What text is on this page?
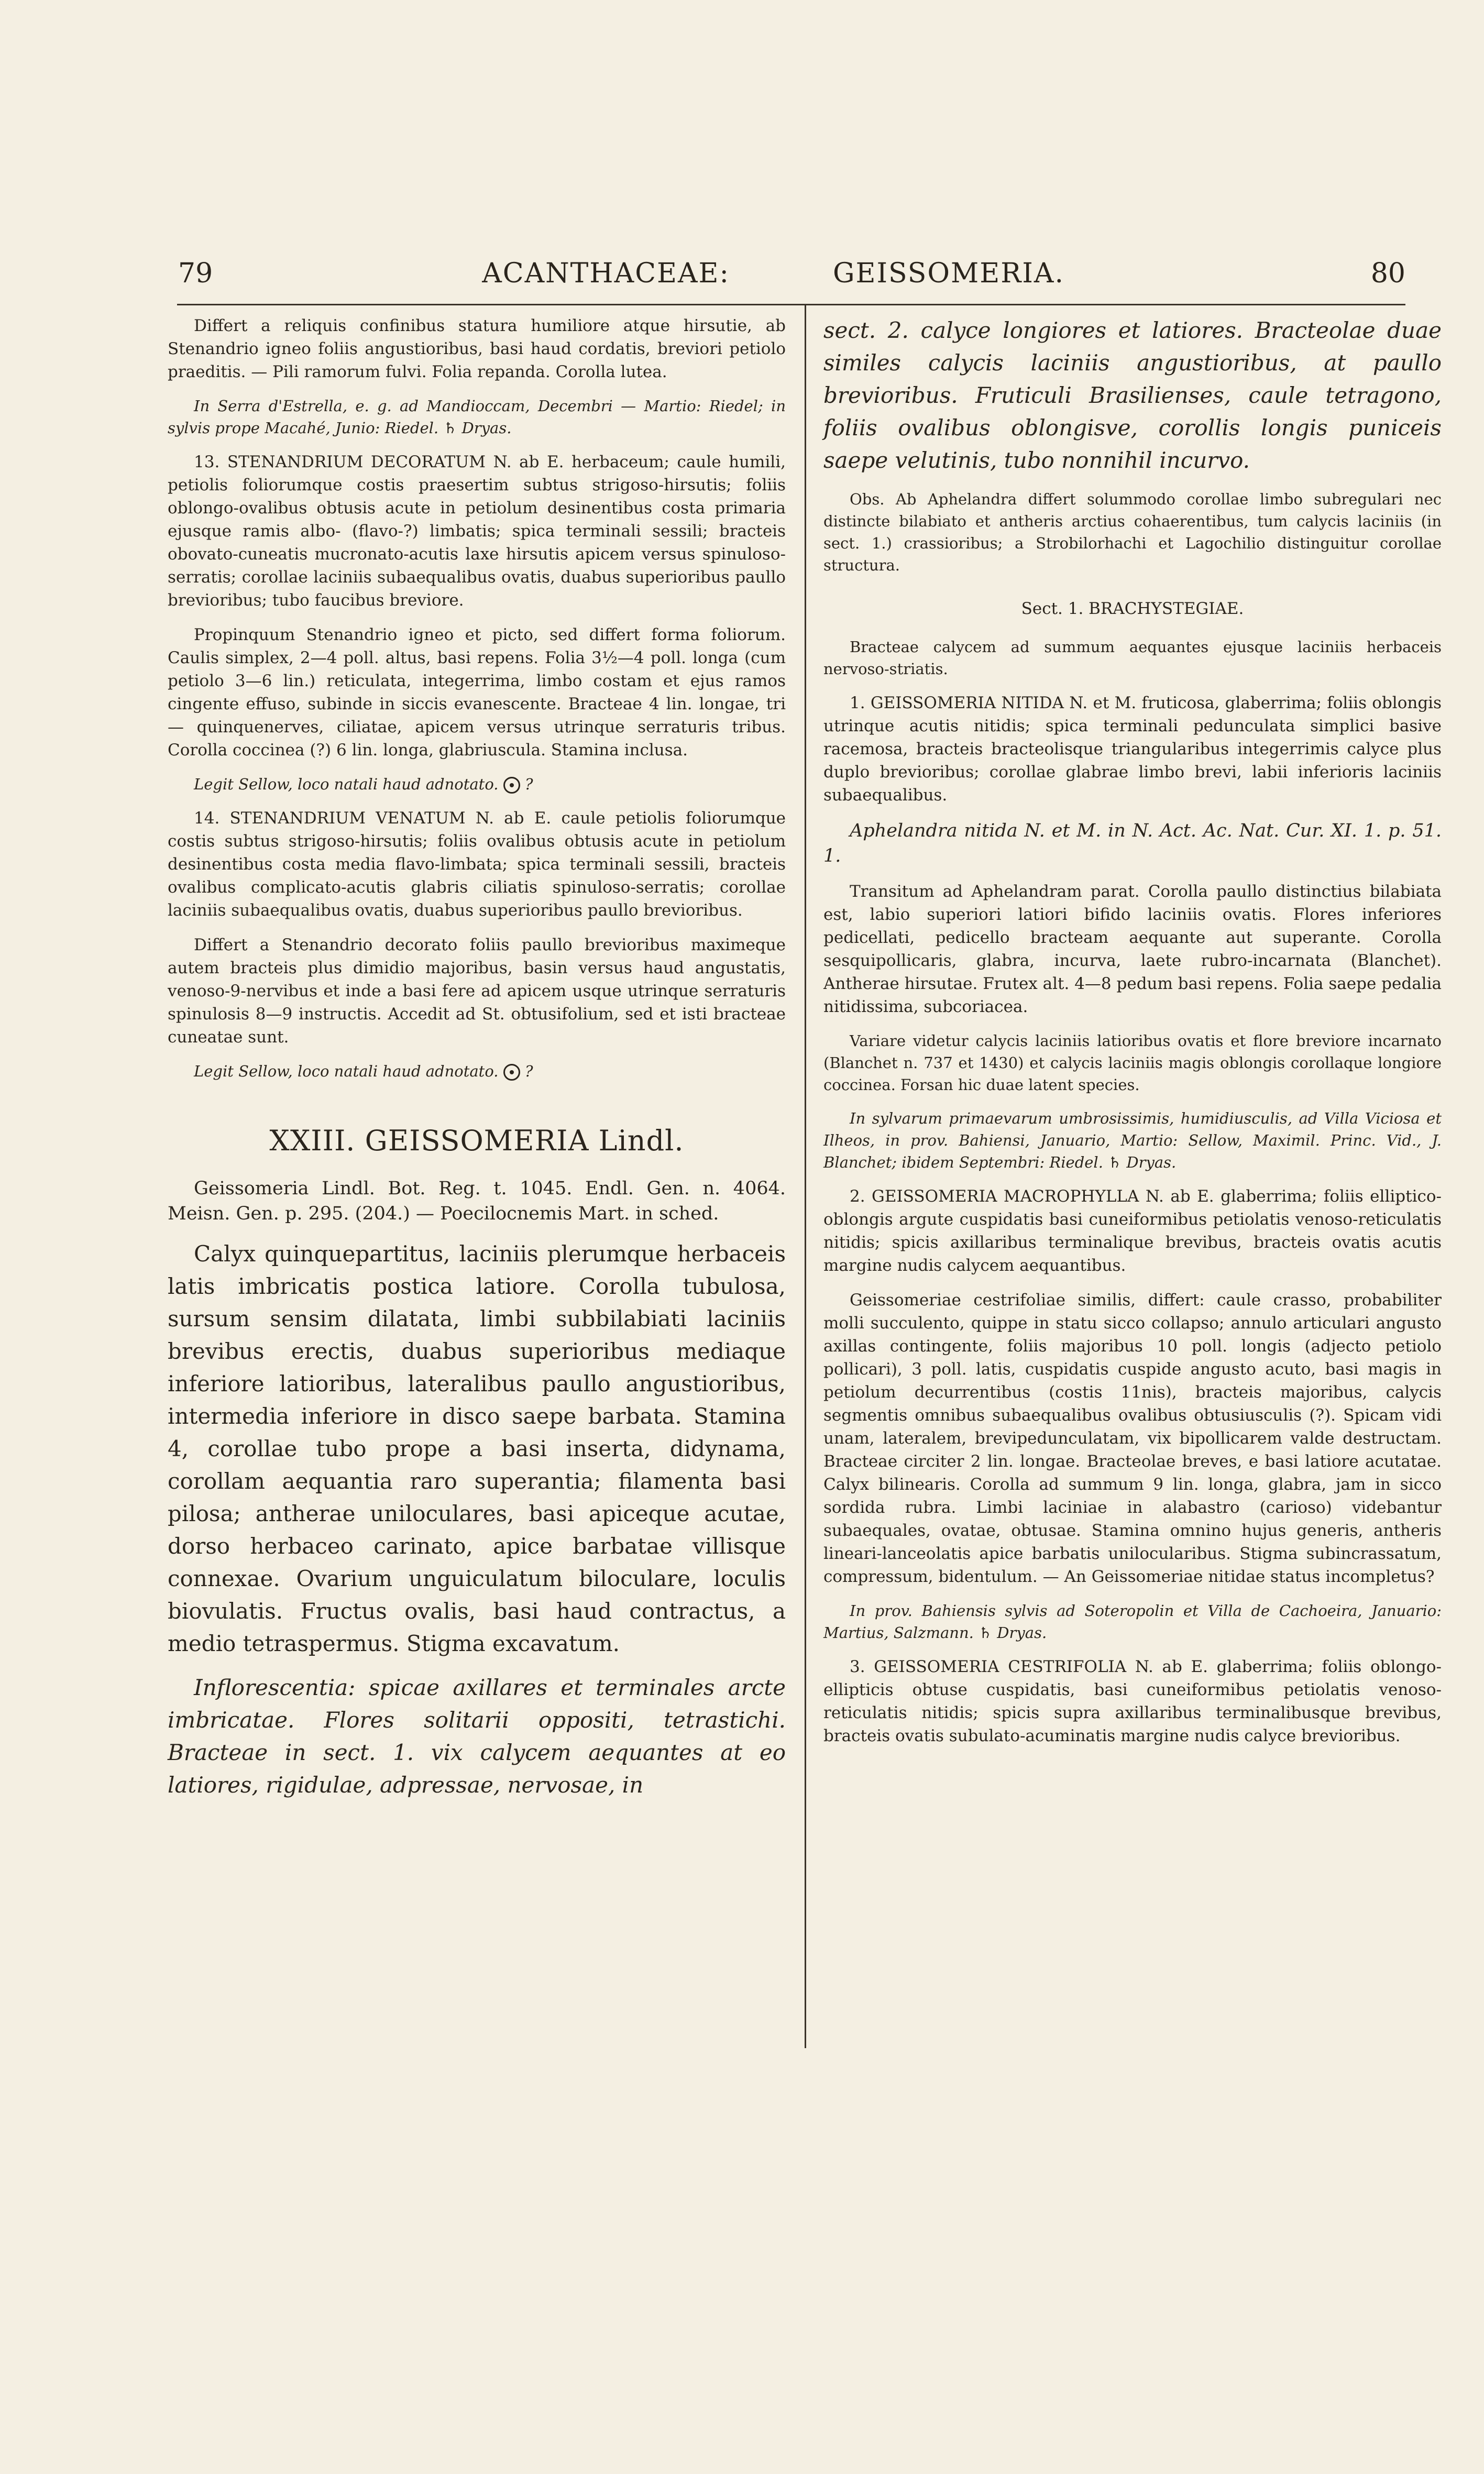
79	ACANTHACEAE:	GEISSOMERIA.	80

Differt a reliquis confinibus statura humiliore atque hirsutie, ab Stenandrio igneo foliis angustioribus, basi haud cordatis, breviori petiolo praeditis. — Pili ramorum fulvi. Folia repanda. Corolla lutea.

In Serra d'Estrella, e. g. ad Mandioccam, Decembri — Martio: Riedel; in sylvis prope Macahé, Junio: Riedel. ♄ Dryas.

13. STENANDRIUM DECORATUM N. ab E. herbaceum; caule humili, petiolis foliorumque costis praesertim subtus strigoso-hirsutis; foliis oblongo-ovalibus obtusis acute in petiolum desinentibus costa primaria ejusque ramis albo- (flavo-?) limbatis; spica terminali sessili; bracteis obovato-cuneatis mucronato-acutis laxe hirsutis apicem versus spinuloso-serratis; corollae laciniis subaequalibus ovatis, duabus superioribus paullo brevioribus; tubo faucibus breviore.

Propinquum Stenandrio igneo et picto, sed differt forma foliorum. Caulis simplex, 2—4 poll. altus, basi repens. Folia 3½—4 poll. longa (cum petiolo 3—6 lin.) reticulata, integerrima, limbo costam et ejus ramos cingente effuso, subinde in siccis evanescente. Bracteae 4 lin. longae, tri — quinquenerves, ciliatae, apicem versus utrinque serraturis tribus. Corolla coccinea (?) 6 lin. longa, glabriuscula. Stamina inclusa.

Legit Sellow, loco natali haud adnotato. ?

14. STENANDRIUM VENATUM N. ab E. caule petiolis foliorumque costis subtus strigoso-hirsutis; foliis ovalibus obtusis acute in petiolum desinentibus costa media flavo-limbata; spica terminali sessili, bracteis ovalibus complicato-acutis glabris ciliatis spinuloso-serratis; corollae laciniis subaequalibus ovatis, duabus superioribus paullo brevioribus.

Differt a Stenandrio decorato foliis paullo brevioribus maximeque autem bracteis plus dimidio majoribus, basin versus haud angustatis, venoso-9-nervibus et inde a basi fere ad apicem usque utrinque serraturis spinulosis 8—9 instructis. Accedit ad St. obtusifolium, sed et isti bracteae cuneatae sunt.

Legit Sellow, loco natali haud adnotato. ?

XXIII. GEISSOMERIA Lindl.

Geissomeria Lindl. Bot. Reg. t. 1045. Endl. Gen. n. 4064. Meisn. Gen. p. 295. (204.) — Poecilocnemis Mart. in sched.

Calyx quinquepartitus, laciniis plerumque herbaceis latis imbricatis postica latiore. Corolla tubulosa, sursum sensim dilatata, limbi subbilabiati laciniis brevibus erectis, duabus superioribus mediaque inferiore latioribus, lateralibus paullo angustioribus, intermedia inferiore in disco saepe barbata. Stamina 4, corollae tubo prope a basi inserta, didynama, corollam aequantia raro superantia; filamenta basi pilosa; antherae uniloculares, basi apiceque acutae, dorso herbaceo carinato, apice barbatae villisque connexae. Ovarium unguiculatum biloculare, loculis biovulatis. Fructus ovalis, basi haud contractus, a medio tetraspermus. Stigma excavatum.

Inflorescentia: spicae axillares et terminales arcte imbricatae. Flores solitarii oppositi, tetrastichi. Bracteae in sect. 1. vix calycem aequantes at eo latiores, rigidulae, adpressae, nervosae, in

sect. 2. calyce longiores et latiores. Bracteolae duae similes calycis laciniis angustioribus, at paullo brevioribus. Fruticuli Brasilienses, caule tetragono, foliis ovalibus oblongisve, corollis longis puniceis saepe velutinis, tubo nonnihil incurvo.

Obs. Ab Aphelandra differt solummodo corollae limbo subregulari nec distincte bilabiato et antheris arctius cohaerentibus, tum calycis laciniis (in sect. 1.) crassioribus; a Strobilorhachi et Lagochilio distinguitur corollae structura.

Sect. 1. BRACHYSTEGIAE.

Bracteae calycem ad summum aequantes ejusque laciniis herbaceis nervoso-striatis.

1. GEISSOMERIA NITIDA N. et M. fruticosa, glaberrima; foliis oblongis utrinque acutis nitidis; spica terminali pedunculata simplici basive racemosa, bracteis bracteolisque triangularibus integerrimis calyce plus duplo brevioribus; corollae glabrae limbo brevi, labii inferioris laciniis subaequalibus.

Aphelandra nitida N. et M. in N. Act. Ac. Nat. Cur. XI. 1. p. 51. 1.

Transitum ad Aphelandram parat. Corolla paullo distinctius bilabiata est, labio superiori latiori bifido laciniis ovatis. Flores inferiores pedicellati, pedicello bracteam aequante aut superante. Corolla sesquipollicaris, glabra, incurva, laete rubro-incarnata (Blanchet). Antherae hirsutae. Frutex alt. 4—8 pedum basi repens. Folia saepe pedalia nitidissima, subcoriacea.

Variare videtur calycis laciniis latioribus ovatis et flore breviore incarnato (Blanchet n. 737 et 1430) et calycis laciniis magis oblongis corollaque longiore coccinea. Forsan hic duae latent species.

In sylvarum primaevarum umbrosissimis, humidiusculis, ad Villa Viciosa et Ilheos, in prov. Bahiensi, Januario, Martio: Sellow, Maximil. Princ. Vid., J. Blanchet; ibidem Septembri: Riedel. ♄ Dryas.

2. GEISSOMERIA MACROPHYLLA N. ab E. glaberrima; foliis elliptico-oblongis argute cuspidatis basi cuneiformibus petiolatis venoso-reticulatis nitidis; spicis axillaribus terminalique brevibus, bracteis ovatis acutis margine nudis calycem aequantibus.

Geissomeriae cestrifoliae similis, differt: caule crasso, probabiliter molli succulento, quippe in statu sicco collapso; annulo articulari angusto axillas contingente, foliis majoribus 10 poll. longis (adjecto petiolo pollicari), 3 poll. latis, cuspidatis cuspide angusto acuto, basi magis in petiolum decurrentibus (costis 11nis), bracteis majoribus, calycis segmentis omnibus subaequalibus ovalibus obtusiusculis (?). Spicam vidi unam, lateralem, brevipedunculatam, vix bipollicarem valde destructam. Bracteae circiter 2 lin. longae. Bracteolae breves, e basi latiore acutatae. Calyx bilinearis. Corolla ad summum 9 lin. longa, glabra, jam in sicco sordida rubra. Limbi laciniae in alabastro (carioso) videbantur subaequales, ovatae, obtusae. Stamina omnino hujus generis, antheris lineari-lanceolatis apice barbatis unilocularibus. Stigma subincrassatum, compressum, bidentulum. — An Geissomeriae nitidae status incompletus?

In prov. Bahiensis sylvis ad Soteropolin et Villa de Cachoeira, Januario: Martius, Salzmann. ♄ Dryas.

3. GEISSOMERIA CESTRIFOLIA N. ab E. glaberrima; foliis oblongo-ellipticis obtuse cuspidatis, basi cuneiformibus petiolatis venoso-reticulatis nitidis; spicis supra axillaribus terminalibusque brevibus, bracteis ovatis subulato-acuminatis margine nudis calyce brevioribus.
